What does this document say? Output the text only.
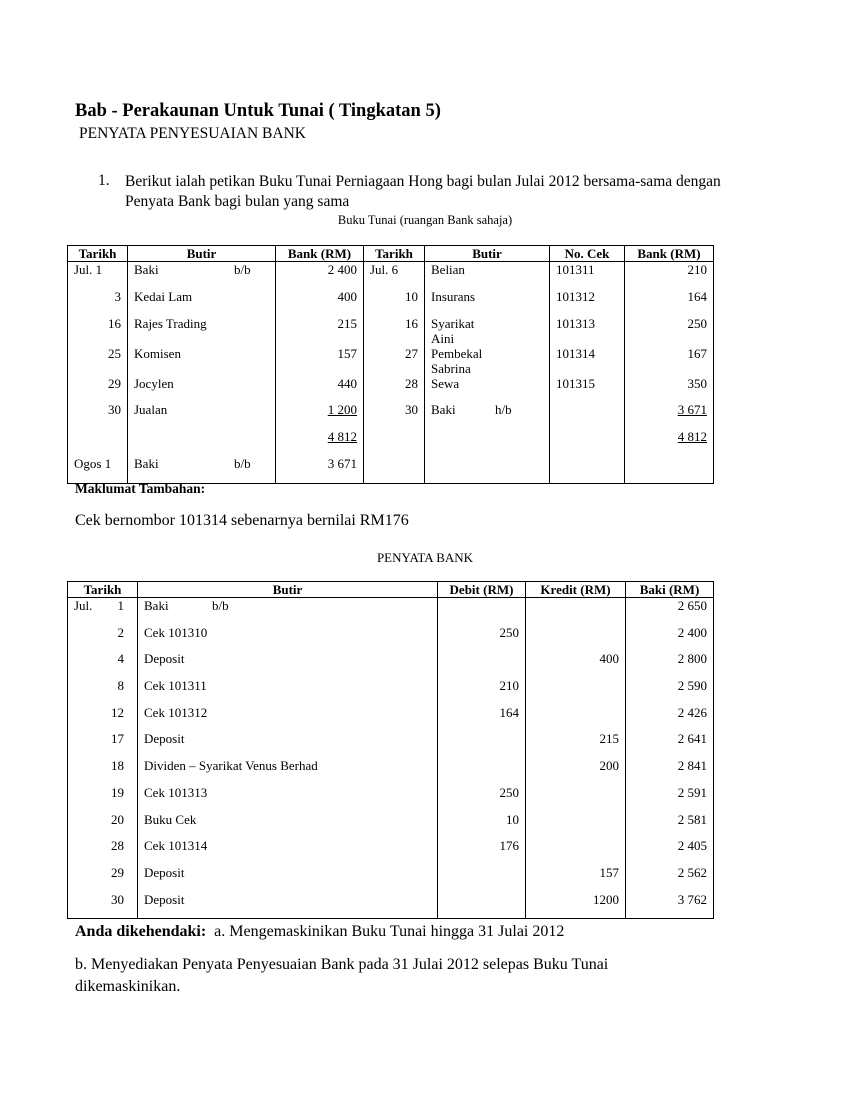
Bab - Perakaunan Untuk Tunai ( Tingkatan 5)
PENYATA PENYESUAIAN BANK
1. Berikut ialah petikan Buku Tunai Perniagaan Hong bagi bulan Julai 2012 bersama-sama dengan Penyata Bank bagi bulan yang sama
Buku Tunai (ruangan Bank sahaja)
Tarikh	Butir	Bank (RM)	Tarikh	Butir	No. Cek	Bank (RM)
Jul. 1	Baki b/b	2 400	Jul. 6	Belian	101311	210
3	Kedai Lam	400	10	Insurans	101312	164
16	Rajes Trading	215	16	Syarikat Aini	101313	250
25	Komisen	157	27	Pembekal Sabrina	101314	167
29	Jocylen	440	28	Sewa	101315	350
30	Jualan	1 200	30	Baki h/b		3 671
		4 812				4 812
Ogos 1	Baki b/b	3 671				
Maklumat Tambahan:
Cek bernombor 101314 sebenarnya bernilai RM176
PENYATA BANK
Tarikh	Butir	Debit (RM)	Kredit (RM)	Baki (RM)
Jul. 1	Baki b/b			2 650
2	Cek 101310	250		2 400
4	Deposit		400	2 800
8	Cek 101311	210		2 590
12	Cek 101312	164		2 426
17	Deposit		215	2 641
18	Dividen – Syarikat Venus Berhad		200	2 841
19	Cek 101313	250		2 591
20	Buku Cek	10		2 581
28	Cek 101314	176		2 405
29	Deposit		157	2 562
30	Deposit		1200	3 762
Anda dikehendaki: a. Mengemaskinikan Buku Tunai hingga 31 Julai 2012
b. Menyediakan Penyata Penyesuaian Bank pada 31 Julai 2012 selepas Buku Tunai dikemaskinikan.
